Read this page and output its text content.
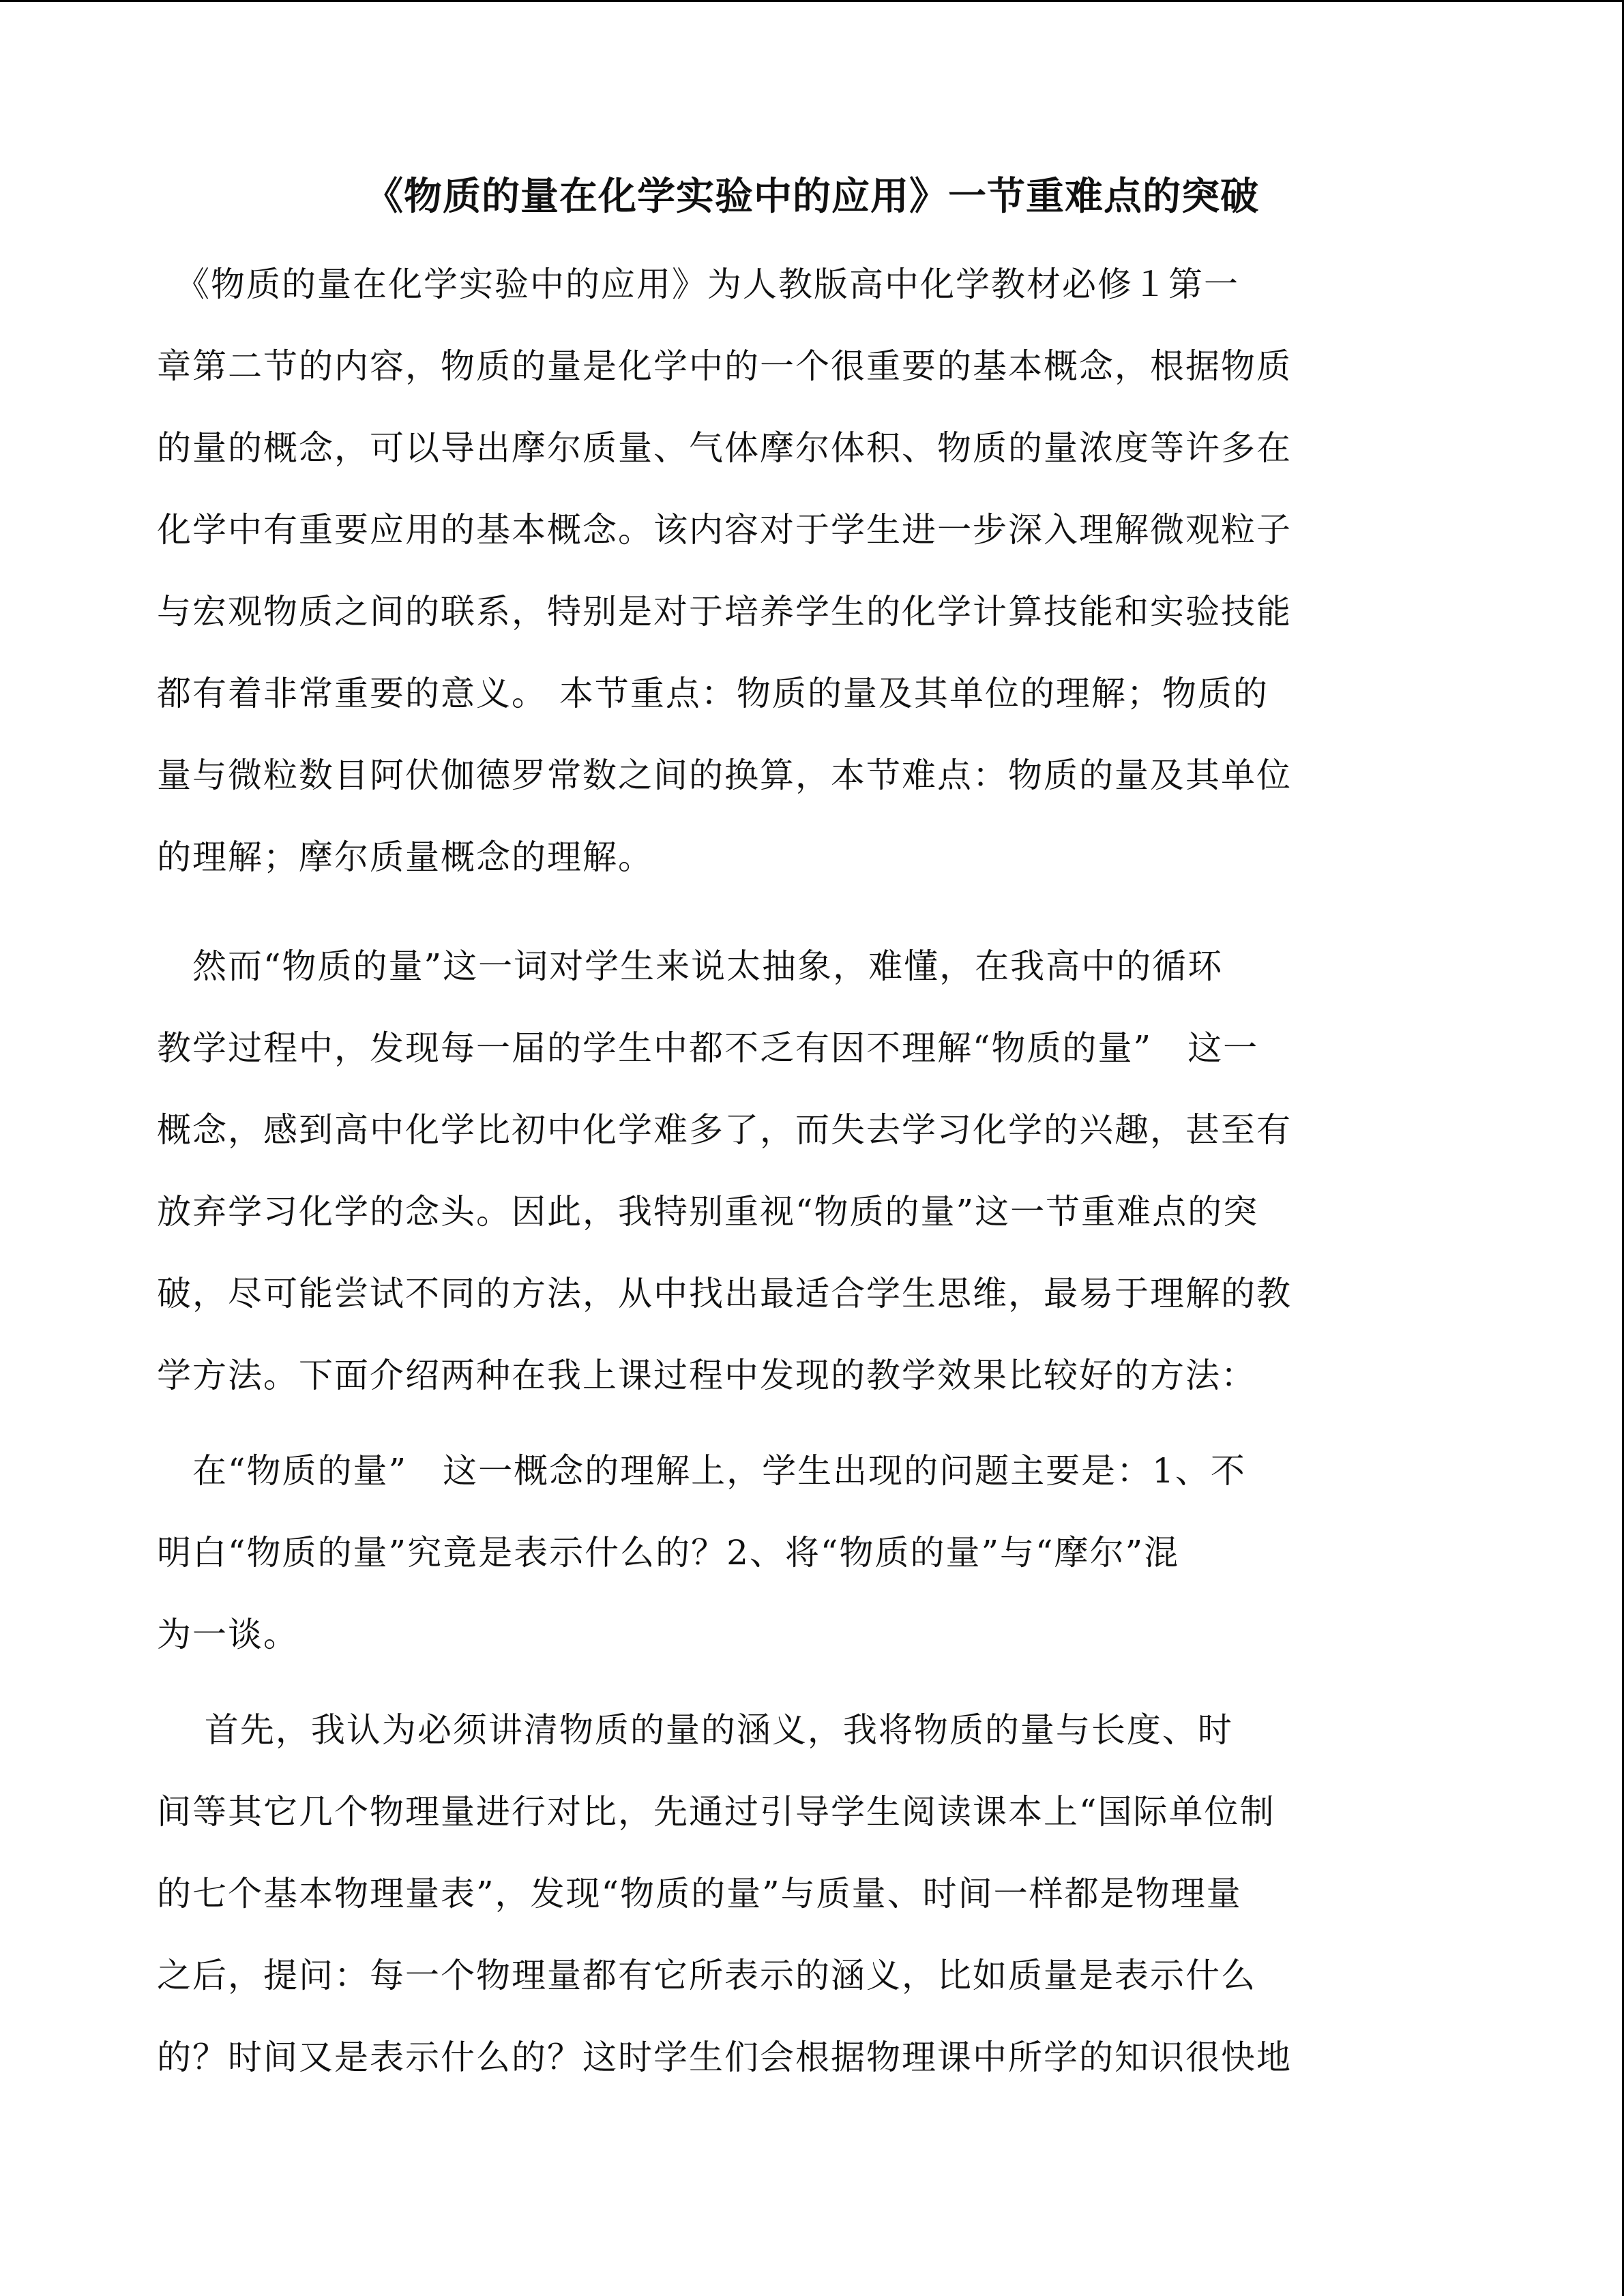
《物质的量在化学实验中的应用》一节重难点的突破
　《物质的量在化学实验中的应用》为人教版高中化学教材必修１第一
章第二节的内容，物质的量是化学中的一个很重要的基本概念，根据物质
的量的概念，可以导出摩尔质量、气体摩尔体积、物质的量浓度等许多在
化学中有重要应用的基本概念。该内容对于学生进一步深入理解微观粒子
与宏观物质之间的联系，特别是对于培养学生的化学计算技能和实验技能
都有着非常重要的意义。 本节重点：物质的量及其单位的理解；物质的
量与微粒数目阿伏伽德罗常数之间的换算，本节难点：物质的量及其单位
的理解；摩尔质量概念的理解。
　然而“物质的量”这一词对学生来说太抽象，难懂，在我高中的循环
教学过程中，发现每一届的学生中都不乏有因不理解“物质的量”　这一
概念，感到高中化学比初中化学难多了，而失去学习化学的兴趣，甚至有
放弃学习化学的念头。因此，我特别重视“物质的量”这一节重难点的突
破，尽可能尝试不同的方法，从中找出最适合学生思维，最易于理解的教
学方法。下面介绍两种在我上课过程中发现的教学效果比较好的方法：
　在“物质的量”　这一概念的理解上，学生出现的问题主要是：1、不
明白“物质的量”究竟是表示什么的？2、将“物质的量”与“摩尔”混
为一谈。
　 首先，我认为必须讲清物质的量的涵义，我将物质的量与长度、时
间等其它几个物理量进行对比，先通过引导学生阅读课本上“国际单位制
的七个基本物理量表”，发现“物质的量”与质量、时间一样都是物理量
之后，提问：每一个物理量都有它所表示的涵义，比如质量是表示什么
的？时间又是表示什么的？这时学生们会根据物理课中所学的知识很快地
